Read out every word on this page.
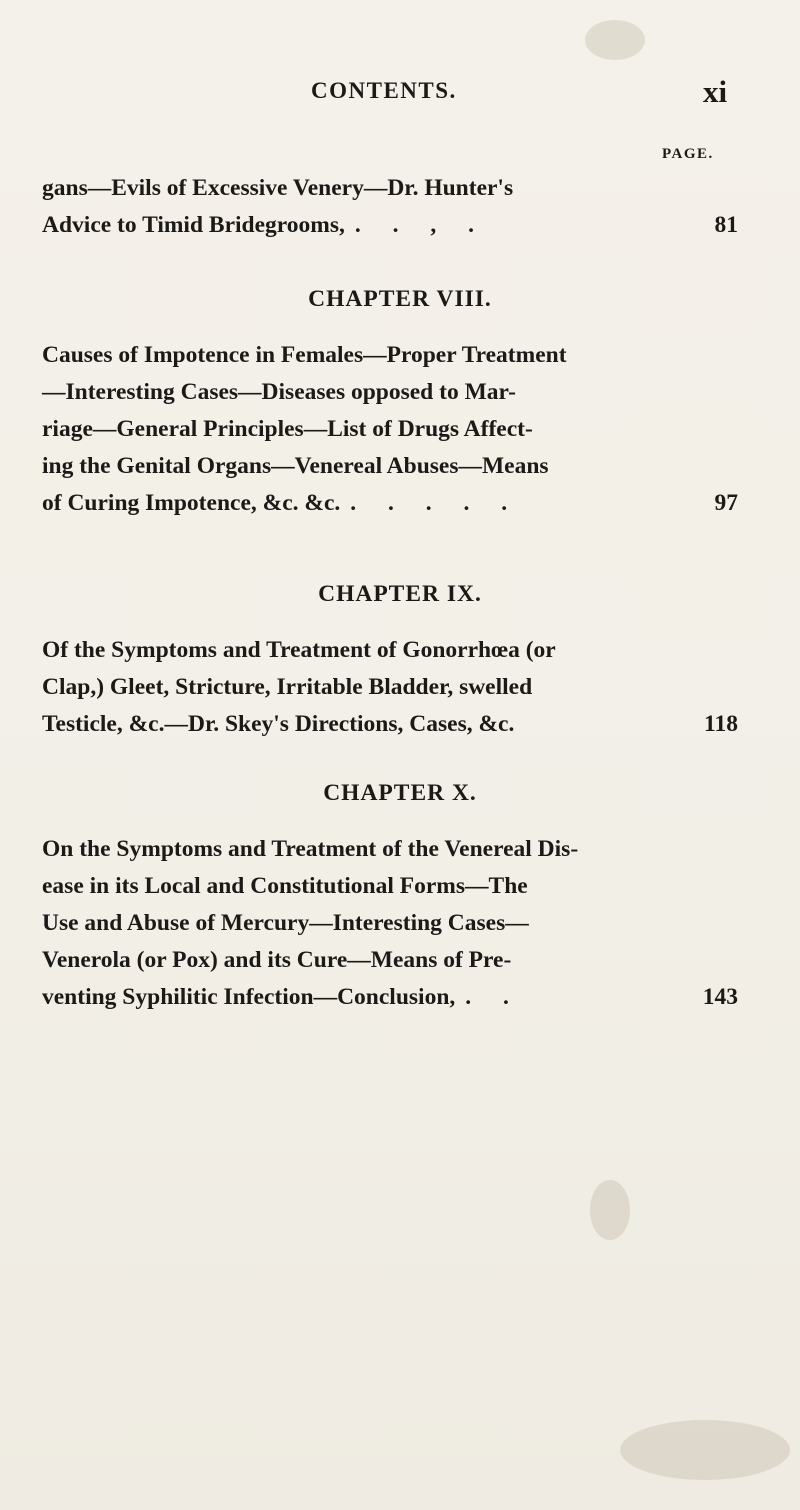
CONTENTS.	xi
PAGE.
gans—Evils of Excessive Venery—Dr. Hunter's
Advice to Timid Bridegrooms, . . , .	81
CHAPTER VIII.
Causes of Impotence in Females—Proper Treatment
—Interesting Cases—Diseases opposed to Mar-
riage—General Principles—List of Drugs Affect-
ing the Genital Organs—Venereal Abuses—Means
of Curing Impotence, &c. &c. . . . . .	97
CHAPTER IX.
Of the Symptoms and Treatment of Gonorrhœa (or
Clap,) Gleet, Stricture, Irritable Bladder, swelled
Testicle, &c.—Dr. Skey's Directions, Cases, &c.	118
CHAPTER X.
On the Symptoms and Treatment of the Venereal Dis-
ease in its Local and Constitutional Forms—The
Use and Abuse of Mercury—Interesting Cases—
Venerola (or Pox) and its Cure—Means of Pre-
venting Syphilitic Infection—Conclusion, . .	143
